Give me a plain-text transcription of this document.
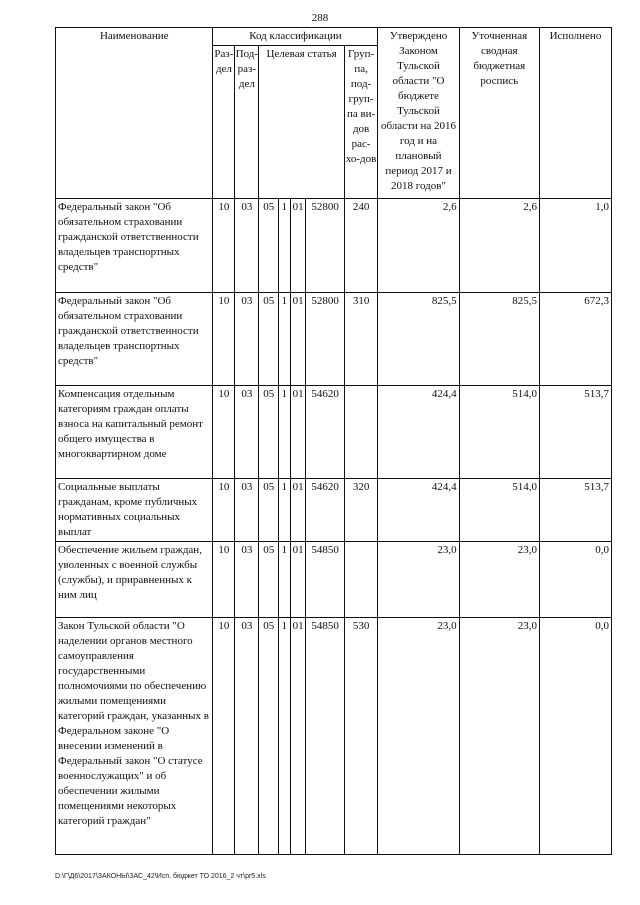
288
Наименование	Код классификации							Утверждено Законом Тульской области "О бюджете Тульской области на 2016 год и на плановый период 2017 и 2018 годов"	Уточненная сводная бюджетная роспись	Исполнено
	Раз-дел	Под-раз-дел	Целевая статья				Груп-па, под-груп-па ви-дов рас-хо-дов			
Федеральный закон "Об обязательном страховании гражданской ответственности владельцев транспортных средств"	10	03	05	1	01	52800	240	2,6	2,6	1,0
Федеральный закон "Об обязательном страховании гражданской ответственности владельцев транспортных средств"	10	03	05	1	01	52800	310	825,5	825,5	672,3
Компенсация отдельным категориям граждан оплаты взноса на капитальный ремонт общего имущества в многоквартирном доме	10	03	05	1	01	54620		424,4	514,0	513,7
Социальные выплаты гражданам, кроме публичных нормативных социальных выплат	10	03	05	1	01	54620	320	424,4	514,0	513,7
Обеспечение жильем граждан, уволенных с военной службы (службы), и приравненных к ним лиц	10	03	05	1	01	54850		23,0	23,0	0,0
Закон Тульской области "О наделении органов местного самоуправления государственными полномочиями по обеспечению жилыми помещениями категорий граждан, указанных в Федеральном законе "О внесении изменений в Федеральный закон "О статусе военнослужащих" и об обеспечении жилыми помещениями некоторых категорий граждан"	10	03	05	1	01	54850	530	23,0	23,0	0,0
D:\Г\Д6\2017\ЗАКОНЫ\ЗАС_42\Исп. бюджет ТО 2016_2 чт\pr5.xls
